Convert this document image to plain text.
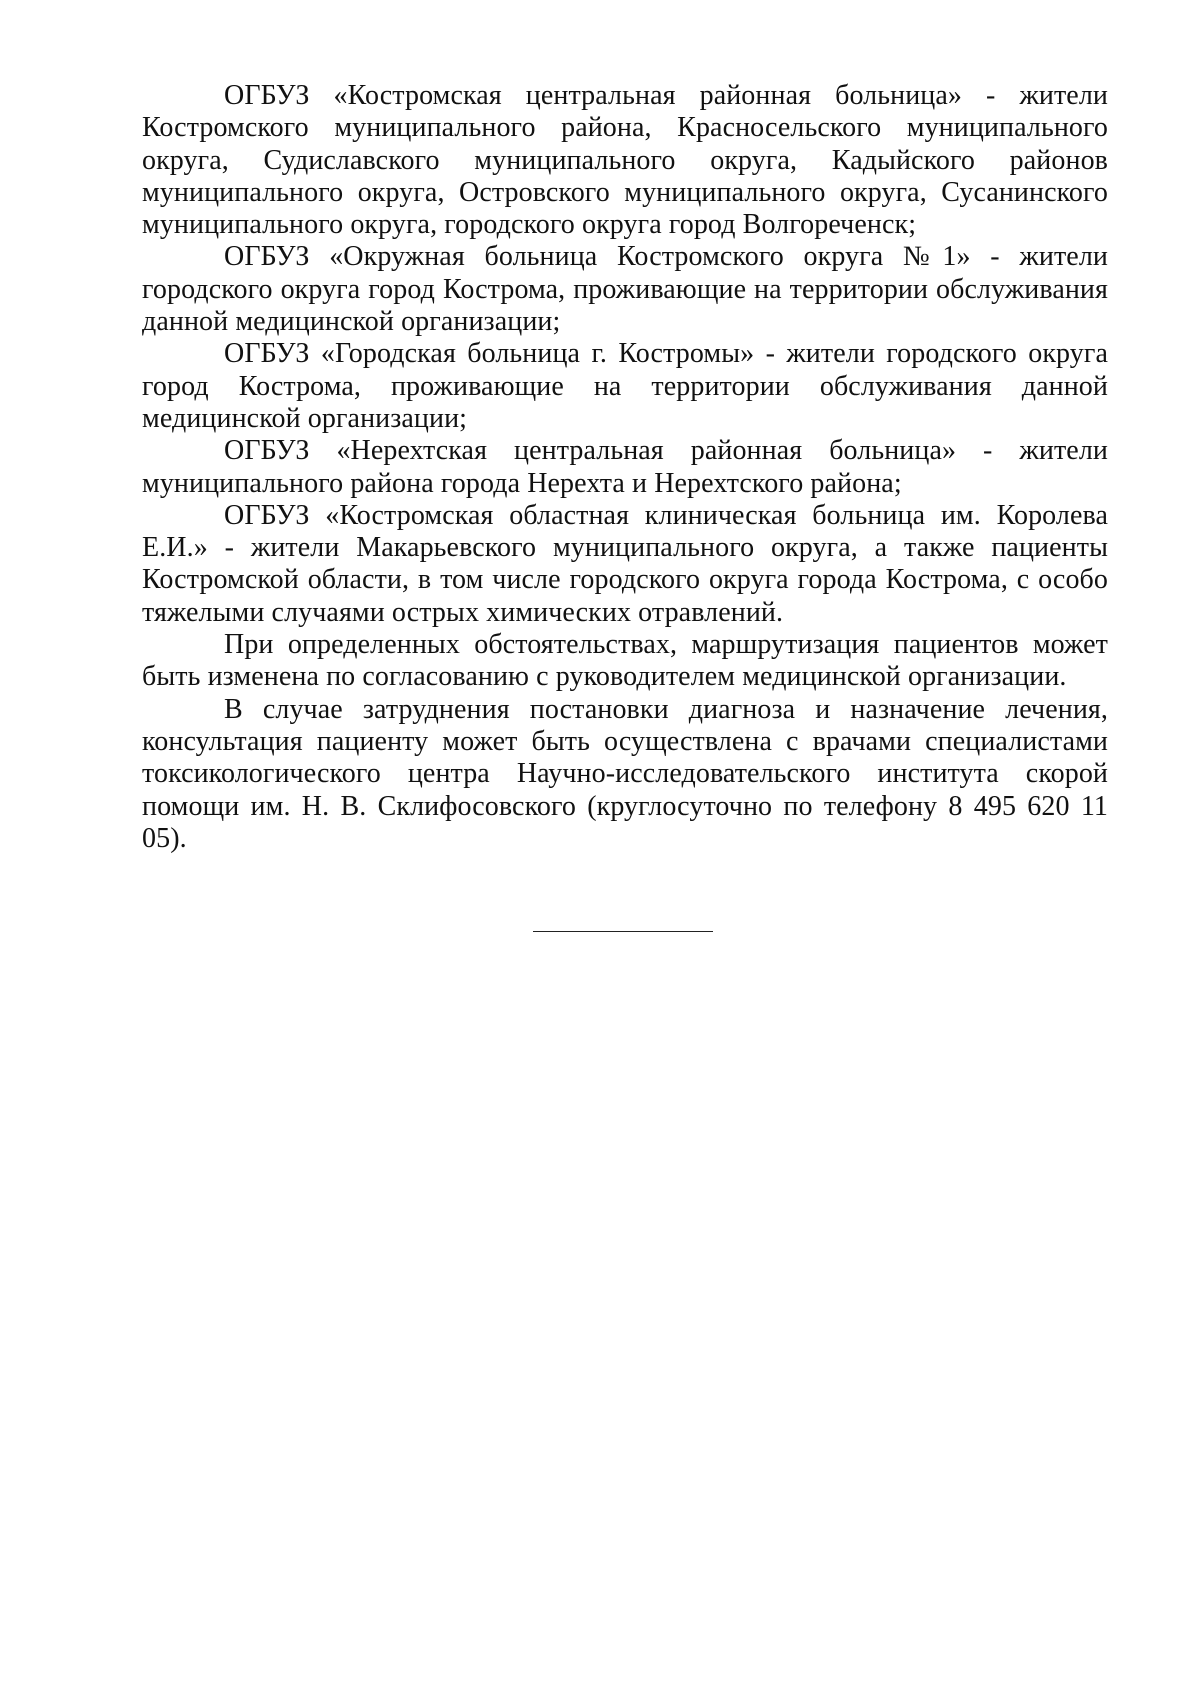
ОГБУЗ «Костромская центральная районная больница» - жители Костромского муниципального района, Красносельского муниципального округа, Судиславского муниципального округа, Кадыйского районов муниципального округа, Островского муниципального округа, Сусанинского муниципального округа, городского округа город Волгореченск;

ОГБУЗ «Окружная больница Костромского округа №1» - жители городского округа город Кострома, проживающие на территории обслуживания данной медицинской организации;

ОГБУЗ «Городская больница г. Костромы» - жители городского округа город Кострома, проживающие на территории обслуживания данной медицинской организации;

ОГБУЗ «Нерехтская центральная районная больница» - жители муниципального района города Нерехта и Нерехтского района;

ОГБУЗ «Костромская областная клиническая больница им. Королева Е.И.» - жители Макарьевского муниципального округа, а также пациенты Костромской области, в том числе городского округа города Кострома, с особо тяжелыми случаями острых химических отравлений.

При определенных обстоятельствах, маршрутизация пациентов может быть изменена по согласованию с руководителем медицинской организации.

В случае затруднения постановки диагноза и назначение лечения, консультация пациенту может быть осуществлена с врачами специалистами токсикологического центра Научно-исследовательского института скорой помощи им. Н. В. Склифосовского (круглосуточно по телефону 8 495 620 11 05).
